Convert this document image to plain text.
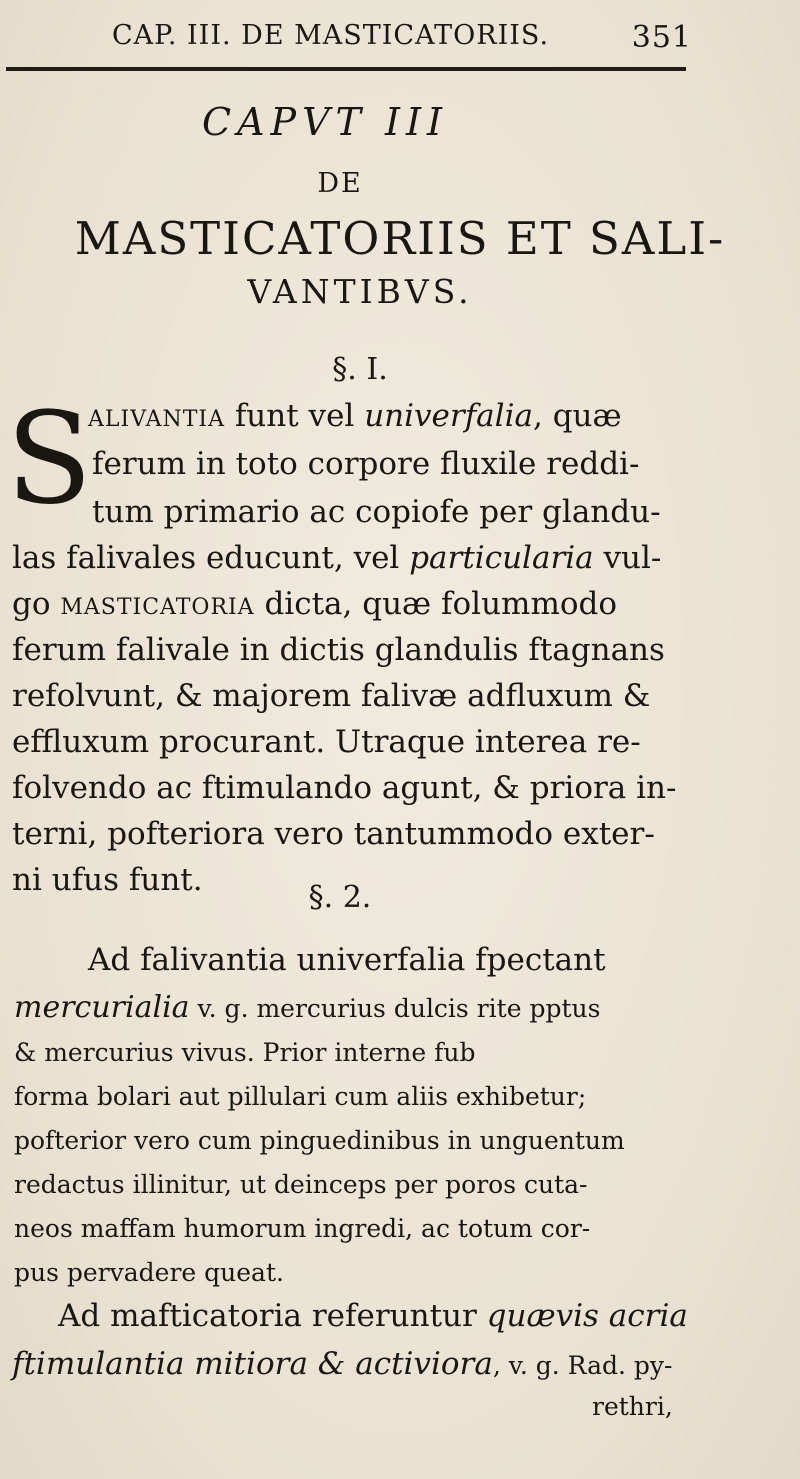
CAP. III. DE MASTICATORIIS.	351
CAPVT III
DE
MASTICATORIIS ET SALI-
VANTIBVS.
§. I.
S
alivantia funt vel univerfalia, quæ
ferum in toto corpore fluxile reddi-
tum primario ac copiofe per glandu-
las falivales educunt, vel particularia vul-
go masticatoria dicta, quæ folummodo
ferum falivale in dictis glandulis ftagnans
refolvunt, & majorem falivæ adfluxum &
effluxum procurant. Utraque interea re-
folvendo ac ftimulando agunt, & priora in-
terni, pofteriora vero tantummodo exter-
ni ufus funt.	§. 2.
Ad falivantia univerfalia fpectant
mercurialia v. g. mercurius dulcis rite pptus
& mercurius vivus. Prior interne fub
forma bolari aut pillulari cum aliis exhibetur;
pofterior vero cum pinguedinibus in unguentum
redactus illinitur, ut deinceps per poros cuta-
neos maffam humorum ingredi, ac totum cor-
pus pervadere queat.
Ad mafticatoria referuntur quævis acria
ftimulantia mitiora & activiora, v. g. Rad. py-
rethri,
